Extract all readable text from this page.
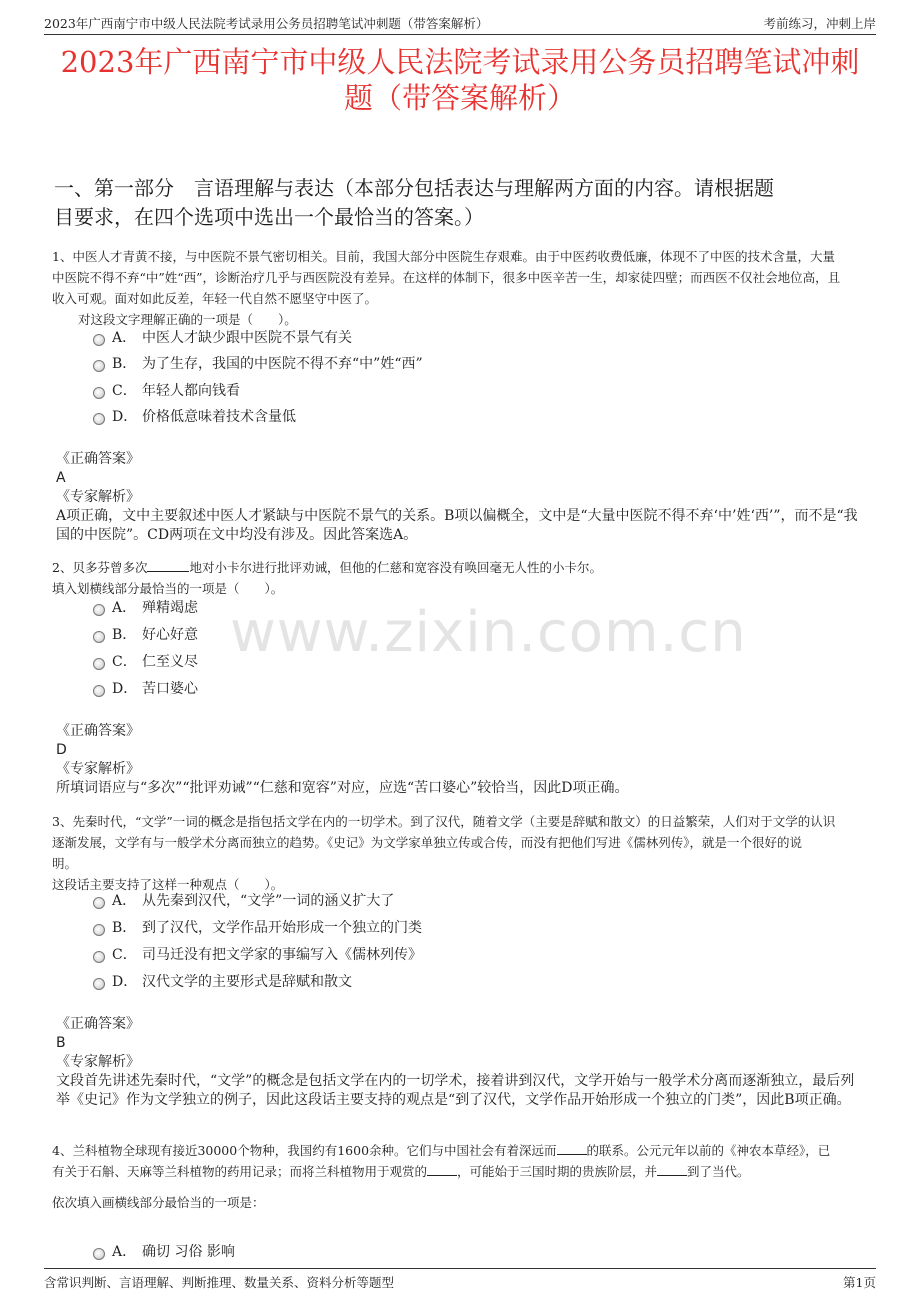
2023年广西南宁市中级人民法院考试录用公务员招聘笔试冲刺题（带答案解析）	考前练习，冲刺上岸
2023年广西南宁市中级人民法院考试录用公务员招聘笔试冲刺
题（带答案解析）
一、第一部分　言语理解与表达（本部分包括表达与理解两方面的内容。请根据题
目要求，在四个选项中选出一个最恰当的答案。）
www.zixin.com.cn

1、中医人才青黄不接，与中医院不景气密切相关。目前，我国大部分中医院生存艰难。由于中医药收费低廉，体现不了中医的技术含量，大量

中医院不得不弃“中”姓“西”，诊断治疗几乎与西医院没有差异。在这样的体制下，很多中医辛苦一生，却家徒四壁；而西医不仅社会地位高，且

收入可观。面对如此反差，年轻一代自然不愿坚守中医了。

对这段文字理解正确的一项是（　　）。

A． 中医人才缺少跟中医院不景气有关
B． 为了生存，我国的中医院不得不弃“中”姓“西”
C． 年轻人都向钱看
D． 价格低意味着技术含量低

《正确答案》

A

《专家解析》

A项正确，文中主要叙述中医人才紧缺与中医院不景气的关系。B项以偏概全，文中是“大量中医院不得不弃‘中’姓‘西’”，而不是“我国的中医院”。CD两项在文中均没有涉及。因此答案选A。

2、贝多芬曾多次	地对小卡尔进行批评劝诫，但他的仁慈和宽容没有唤回毫无人性的小卡尔。

填入划横线部分最恰当的一项是（　　）。

A． 殚精竭虑
B． 好心好意
C． 仁至义尽
D． 苦口婆心

《正确答案》

D

《专家解析》

所填词语应与“多次”“批评劝诫”“仁慈和宽容”对应，应选“苦口婆心”较恰当，因此D项正确。

3、先秦时代，“文学”一词的概念是指包括文学在内的一切学术。到了汉代，随着文学（主要是辞赋和散文）的日益繁荣，人们对于文学的认识

逐渐发展，文学有与一般学术分离而独立的趋势。《史记》为文学家单独立传或合传，而没有把他们写进《儒林列传》，就是一个很好的说

明。

这段话主要支持了这样一种观点（　　）。

A． 从先秦到汉代，“文学”一词的涵义扩大了
B． 到了汉代，文学作品开始形成一个独立的门类
C． 司马迁没有把文学家的事编写入《儒林列传》
D． 汉代文学的主要形式是辞赋和散文

《正确答案》

B

《专家解析》

文段首先讲述先秦时代，“文学”的概念是包括文学在内的一切学术，接着讲到汉代，文学开始与一般学术分离而逐渐独立，最后列举《史记》作为文学独立的例子，因此这段话主要支持的观点是“到了汉代，文学作品开始形成一个独立的门类”，因此B项正确。

4、兰科植物全球现有接近30000个物种，我国约有1600余种。它们与中国社会有着深远而 的联系。公元元年以前的《神农本草经》，已

有关于石斛、天麻等兰科植物的药用记录；而将兰科植物用于观赏的 ，可能始于三国时期的贵族阶层，并 到了当代。

依次填入画横线部分最恰当的一项是：

A． 确切 习俗 影响
含常识判断、言语理解、判断推理、数量关系、资料分析等题型	第1页
